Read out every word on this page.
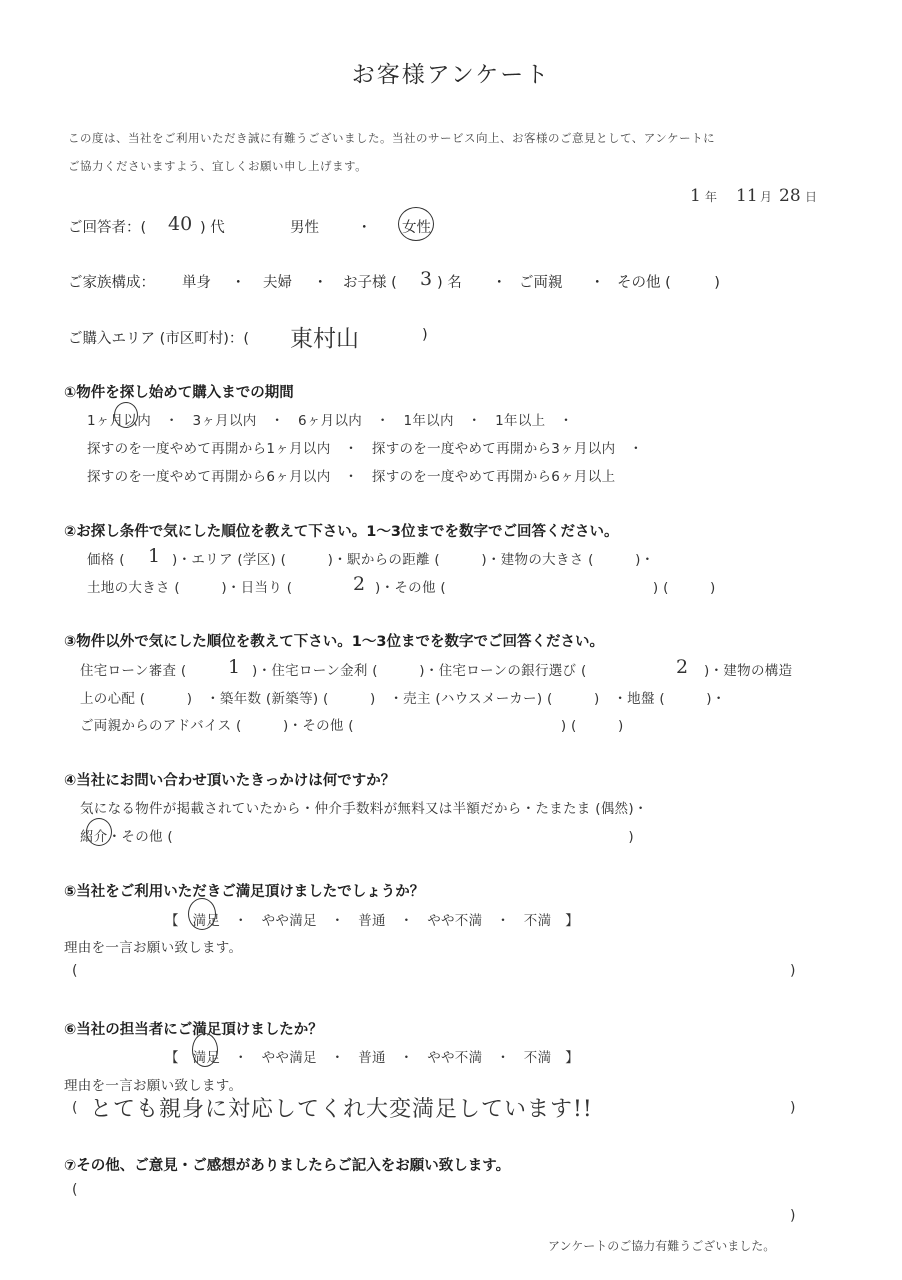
お客様アンケート
この度は、当社をご利用いただき誠に有難うございました。当社のサービス向上、お客様のご意見として、アンケートに
ご協力くださいますよう、宜しくお願い申し上げます。
1 年 11 月 28 日
ご回答者：( 40 ) 代	男性	・ 女性
ご家族構成： 単身 ・ 夫婦 ・ お子様 ( 3 ) 名 ・ ご両親 ・ その他 (　　　)
ご購入エリア (市区町村)：( 東村山	)
①物件を探し始めて購入までの期間
1ヶ月以内　・　3ヶ月以内　・　6ヶ月以内　・　1年以内　・　1年以上　・
探すのを一度やめて再開から1ヶ月以内　・　探すのを一度やめて再開から3ヶ月以内　・
探すのを一度やめて再開から6ヶ月以内　・　探すのを一度やめて再開から6ヶ月以上
②お探し条件で気にした順位を教えて下さい。1～3位までを数字でご回答ください。
価格 ( 1 )・エリア (学区) (　　　)・駅からの距離 (　　　)・建物の大きさ (　　　)・
土地の大きさ (　　　)・日当り (	2 )・その他 (　　　　　　　　　　　　　　　) (　　　)
③物件以外で気にした順位を教えて下さい。1～3位までを数字でご回答ください。
住宅ローン審査 ( 1 )・住宅ローン金利 (　　　)・住宅ローンの銀行選び (	2 )・建物の構造
上の心配 (　　　)　・築年数 (新築等) (　　　)　・売主 (ハウスメーカー) (　　　)　・地盤 (　　　)・
ご両親からのアドバイス (　　　)・その他 (　　　　　　　　　　　　　　　) (　　　)
④当社にお問い合わせ頂いたきっかけは何ですか？
気になる物件が掲載されていたから・仲介手数料が無料又は半額だから・たまたま (偶然)・
紹介・その他 (　　　　　　　　　　　　　　　　　　　　　　　　　　　　　　　　　)
⑤当社をご利用いただきご満足頂けましたでしょうか？
【　満足　・　やや満足　・　普通　・　やや不満　・　不満　】
理由を一言お願い致します。
(	)
⑥当社の担当者にご満足頂けましたか？
【　満足　・　やや満足　・　普通　・　やや不満　・　不満　】
理由を一言お願い致します。
( とても親身に対応してくれ大変満足しています!!	)
⑦その他、ご意見・ご感想がありましたらご記入をお願い致します。
(
)
アンケートのご協力有難うございました。
